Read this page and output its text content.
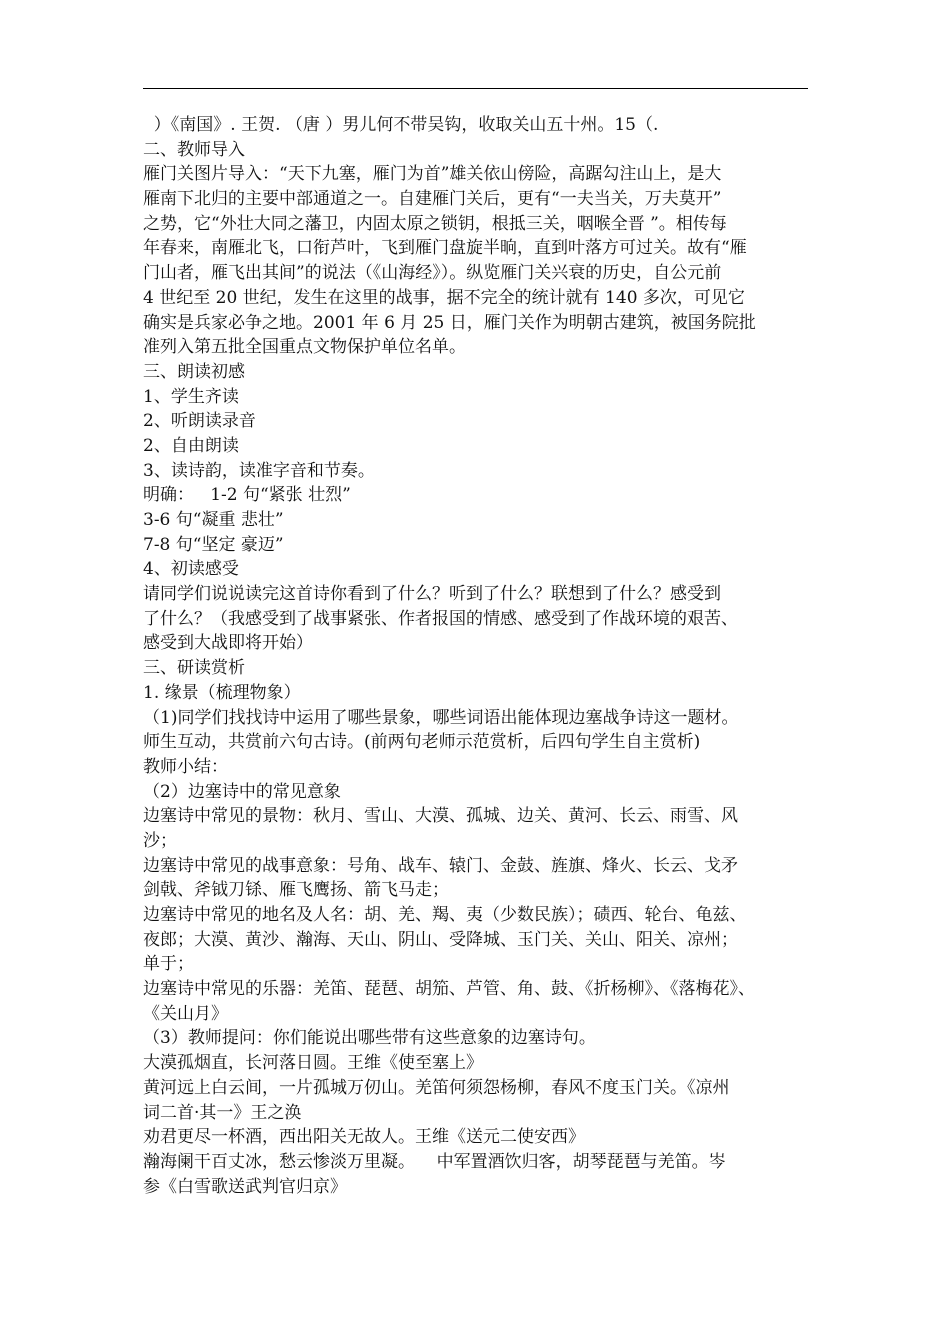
）《南国》. 王贺. （唐 ）男儿何不带吴钩，收取关山五十州。15（.
二、教师导入
雁门关图片导入：“天下九塞，雁门为首”雄关依山傍险，高踞勾注山上，是大
雁南下北归的主要中部通道之一。自建雁门关后，更有“一夫当关，万夫莫开”
之势，它“外壮大同之藩卫，内固太原之锁钥，根抵三关，咽喉全晋 ”。相传每
年春来，南雁北飞，口衔芦叶，飞到雁门盘旋半晌，直到叶落方可过关。故有“雁
门山者，雁飞出其间”的说法（《山海经》）。纵览雁门关兴衰的历史，自公元前
4 世纪至 20 世纪，发生在这里的战事，据不完全的统计就有 140 多次，可见它
确实是兵家必争之地。2001 年 6 月 25 日，雁门关作为明朝古建筑，被国务院批
准列入第五批全国重点文物保护单位名单。
三、朗读初感
1、学生齐读
2、听朗读录音
2、自由朗读
3、读诗韵，读准字音和节奏。
明确：   1-2 句“紧张 壮烈”
3-6 句“凝重 悲壮”
7-8 句“坚定 豪迈”
4、初读感受
请同学们说说读完这首诗你看到了什么？听到了什么？联想到了什么？感受到
了什么？（我感受到了战事紧张、作者报国的情感、感受到了作战环境的艰苦、
感受到大战即将开始）
三、研读赏析
1. 缘景（梳理物象）
（1)同学们找找诗中运用了哪些景象，哪些词语出能体现边塞战争诗这一题材。
师生互动，共赏前六句古诗。(前两句老师示范赏析，后四句学生自主赏析)
教师小结：
（2）边塞诗中的常见意象
边塞诗中常见的景物：秋月、雪山、大漠、孤城、边关、黄河、长云、雨雪、风
沙；
边塞诗中常见的战事意象：号角、战车、辕门、金鼓、旌旗、烽火、长云、戈矛
剑戟、斧钺刀铩、雁飞鹰扬、箭飞马走；
边塞诗中常见的地名及人名：胡、羌、羯、夷（少数民族）；碛西、轮台、龟兹、
夜郎；大漠、黄沙、瀚海、天山、阴山、受降城、玉门关、关山、阳关、凉州；
单于；
边塞诗中常见的乐器：羌笛、琵琶、胡笳、芦管、角、鼓、《折杨柳》、《落梅花》、
《关山月》
（3）教师提问：你们能说出哪些带有这些意象的边塞诗句。
大漠孤烟直，长河落日圆。王维《使至塞上》
黄河远上白云间，一片孤城万仞山。羌笛何须怨杨柳，春风不度玉门关。《凉州
词二首·其一》王之涣
劝君更尽一杯酒，西出阳关无故人。王维《送元二使安西》
瀚海阑干百丈冰，愁云惨淡万里凝。    中军置酒饮归客，胡琴琵琶与羌笛。岑
参《白雪歌送武判官归京》
